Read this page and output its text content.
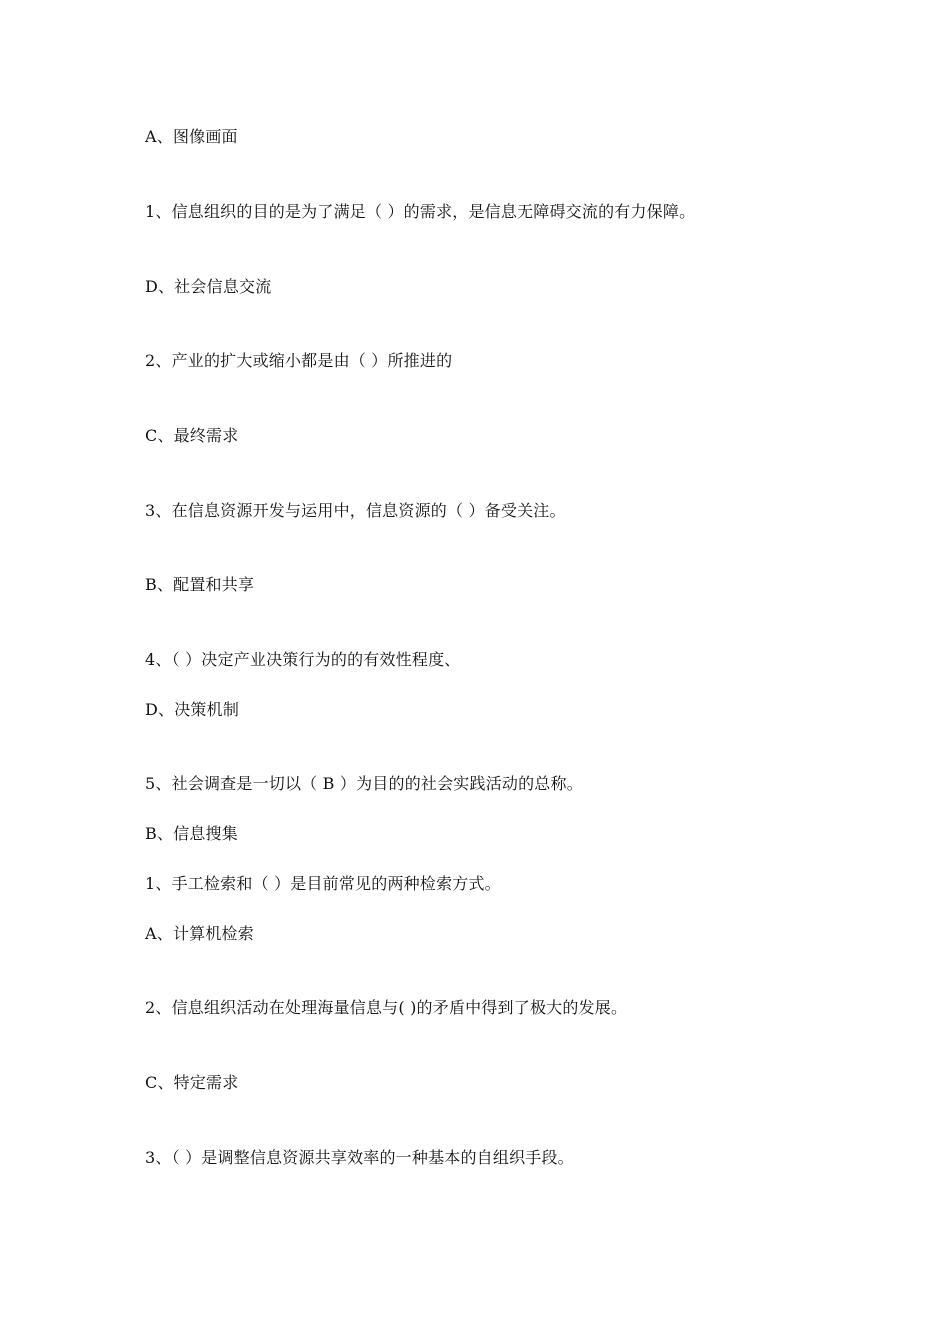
A、图像画面
1、信息组织的目的是为了满足（ ）的需求，是信息无障碍交流的有力保障。
D、社会信息交流
2、产业的扩大或缩小都是由（ ）所推进的
C、最终需求
3、在信息资源开发与运用中，信息资源的（ ）备受关注。
B、配置和共享
4、（ ）决定产业决策行为的的有效性程度、
D、决策机制
5、社会调查是一切以（ B ）为目的的社会实践活动的总称。
B、信息搜集
1、手工检索和（ ）是目前常见的两种检索方式。
A、计算机检索
2、信息组织活动在处理海量信息与( )的矛盾中得到了极大的发展。
C、特定需求
3、（ ）是调整信息资源共享效率的一种基本的自组织手段。
